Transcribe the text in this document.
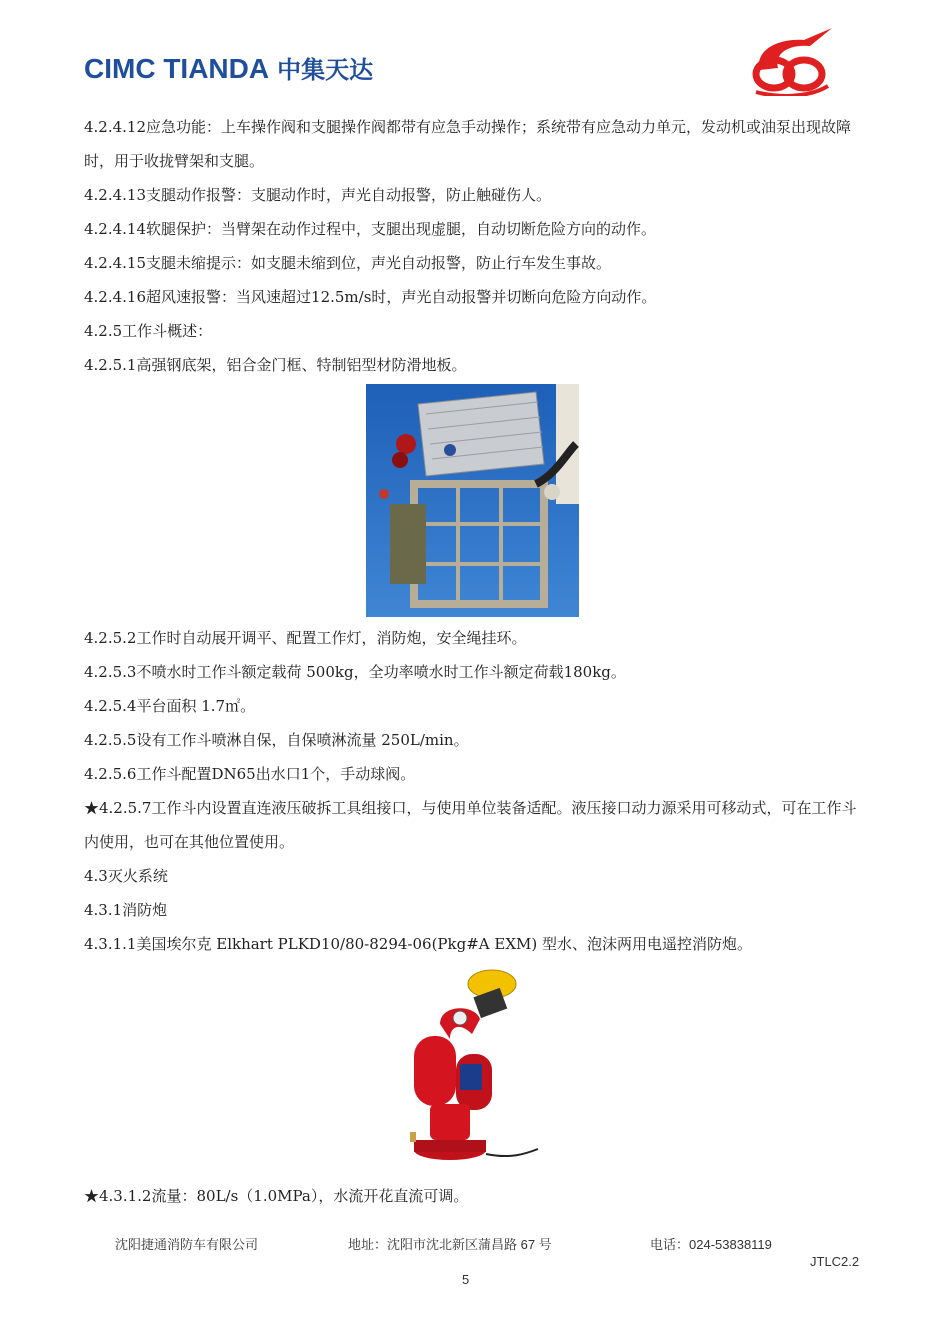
CIMC TIANDA 中集天达

4.2.4.12应急功能：上车操作阀和支腿操作阀都带有应急手动操作；系统带有应急动力单元，发动机或油泵出现故障时，用于收拢臂架和支腿。

4.2.4.13支腿动作报警：支腿动作时，声光自动报警，防止触碰伤人。

4.2.4.14软腿保护：当臂架在动作过程中，支腿出现虚腿，自动切断危险方向的动作。

4.2.4.15支腿未缩提示：如支腿未缩到位，声光自动报警，防止行车发生事故。

4.2.4.16超风速报警：当风速超过12.5m/s时，声光自动报警并切断向危险方向动作。

4.2.5工作斗概述：

4.2.5.1高强钢底架，铝合金门框、特制铝型材防滑地板。

4.2.5.2工作时自动展开调平、配置工作灯，消防炮，安全绳挂环。

4.2.5.3不喷水时工作斗额定载荷 500kg，全功率喷水时工作斗额定荷载180kg。

4.2.5.4平台面积 1.7㎡。

4.2.5.5设有工作斗喷淋自保，自保喷淋流量 250L/min。

4.2.5.6工作斗配置DN65出水口1个，手动球阀。

★4.2.5.7工作斗内设置直连液压破拆工具组接口，与使用单位装备适配。液压接口动力源采用可移动式，可在工作斗内使用，也可在其他位置使用。

4.3灭火系统

4.3.1消防炮

4.3.1.1美国埃尔克 Elkhart PLKD10/80-8294-06(Pkg#A EXM) 型水、泡沫两用电遥控消防炮。

★4.3.1.2流量：80L/s（1.0MPa），水流开花直流可调。

沈阳捷通消防车有限公司	地址：沈阳市沈北新区蒲昌路 67 号	电话：024-53838119
JTLC2.2
5
